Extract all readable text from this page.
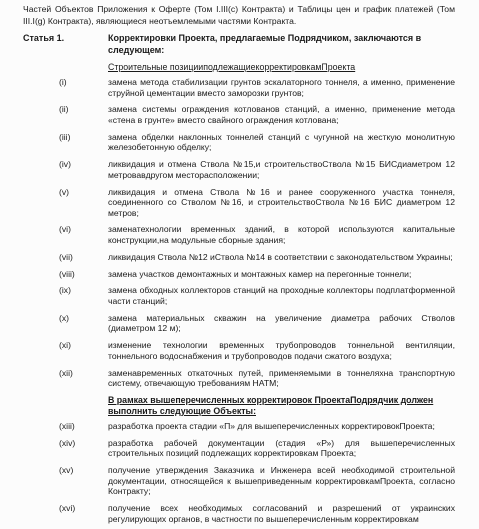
Частей Объектов Приложения к Оферте (Том I.III(с) Контракта) и Таблицы цен и график платежей (Том III.I(g) Контракта), являющиеся неотъемлемыми частями Контракта.

Статья 1.	Корректировки Проекта, предлагаемые Подрядчиком, заключаются в следующем:
Строительные позицииподлежащиекорректировкамПроекта
(i)	замена метода стабилизации грунтов эскалаторного тоннеля, а именно, применение струйной цементации вместо заморозки грунтов;
(ii)	замена системы ограждения котлованов станций, а именно, применение метода «стена в грунте» вместо свайного ограждения котлована;
(iii)	замена обделки наклонных тоннелей станций с чугунной на жесткую монолитную железобетонную обделку;
(iv)	ликвидация и отмена Ствола №15,и строительствоСтвола №15 БИСдиаметром 12 метровавдругом месторасположении;
(v)	ликвидация и отмена Ствола №16 и ранее сооруженного участка тоннеля, соединенного со Стволом №16, и строительствоСтвола №16 БИС диаметром 12 метров;
(vi)	заменатехнологии временных зданий, в которой используются капитальные конструкции,на модульные сборные здания;
(vii)	ликвидация Ствола №12 иСтвола №14 в соответствии с законодательством Украины;
(viii)	замена участков демонтажных и монтажных камер на перегонные тоннели;
(ix)	замена обходных коллекторов станций на проходные коллекторы подплатформенной части станций;
(x)	замена материальных скважин на увеличение диаметра рабочих Стволов (диаметром 12 м);
(xi)	изменение технологии временных трубопроводов тоннельной вентиляции, тоннельного водоснабжения и трубопроводов подачи сжатого воздуха;
(xii)	заменавременных откаточных путей, применяемыми в тоннеляхна транспортную систему, отвечающую требованиям НАТМ;
В рамках вышеперечисленных корректировок ПроектаПодрядчик должен выполнить следующие Объекты:
(xiii)	разработка проекта стадии «П» для вышеперечисленных корректировокПроекта;
(xiv)	разработка рабочей документации (стадия «Р») для вышеперечисленных строительных позиций подлежащих корректировкам Проекта;
(xv)	получение утверждения Заказчика и Инженера всей необходимой строительной документации, относящейся к вышеприведенным корректировкамПроекта, согласно Контракту;
(xvi)	получение всех необходимых согласований и разрешений от украинских регулирующих органов, в частности по вышеперечисленным корректировкам
